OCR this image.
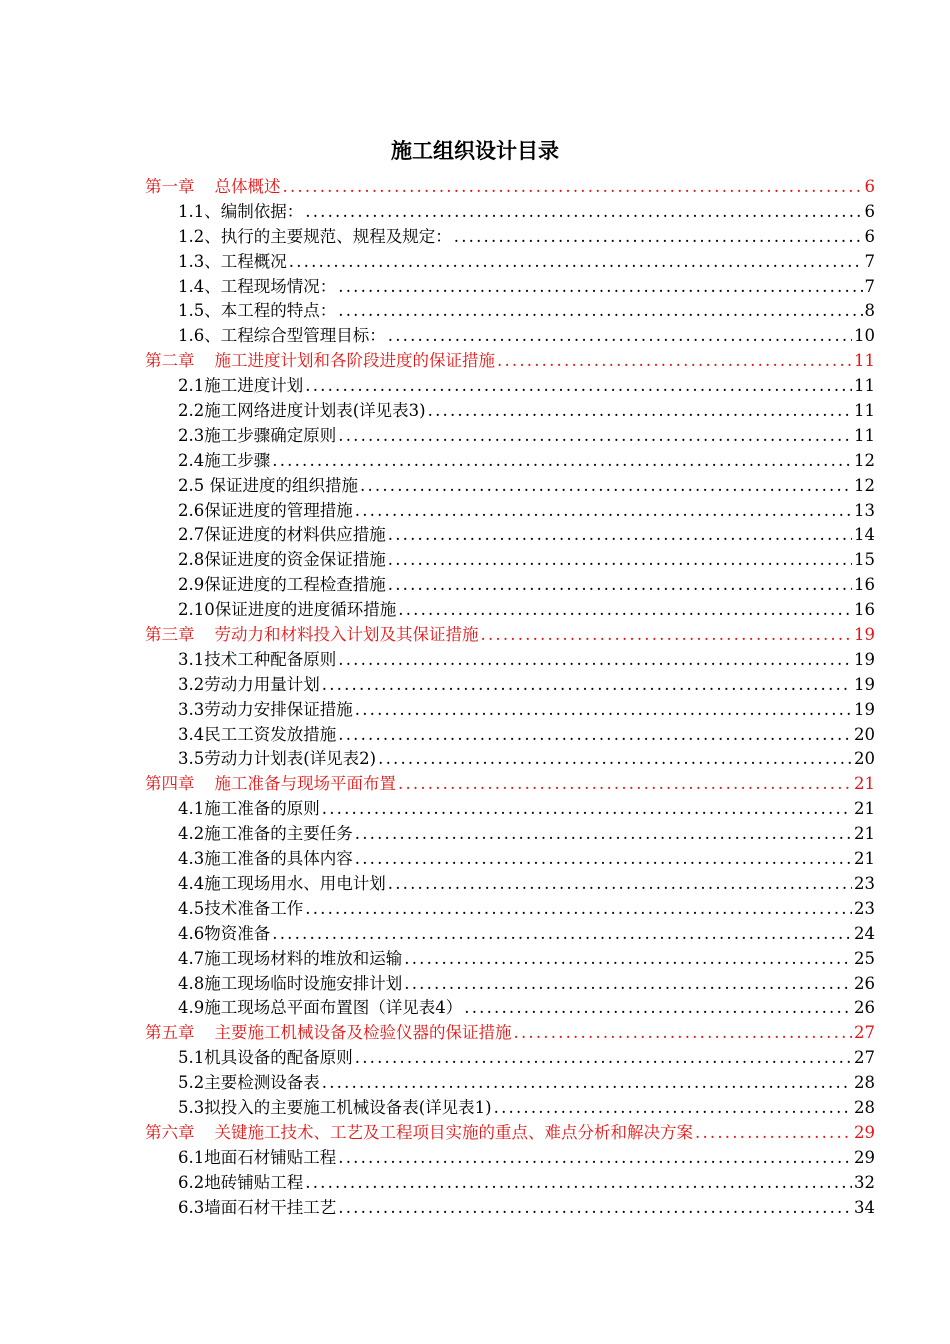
施工组织设计目录
第一章 总体概述 .....	6
1.1、编制依据： .....	6
1.2、执行的主要规范、规程及规定： .....	6
1.3、工程概况 .....	7
1.4、工程现场情况： .....	7
1.5、本工程的特点： .....	8
1.6、工程综合型管理目标： .....	10
第二章 施工进度计划和各阶段进度的保证措施 .....	11
2.1施工进度计划 .....	11
2.2施工网络进度计划表(详见表3) .....	11
2.3施工步骤确定原则 .....	11
2.4施工步骤 .....	12
2.5 保证进度的组织措施 .....	12
2.6保证进度的管理措施 .....	13
2.7保证进度的材料供应措施 .....	14
2.8保证进度的资金保证措施 .....	15
2.9保证进度的工程检查措施 .....	16
2.10保证进度的进度循环措施 .....	16
第三章 劳动力和材料投入计划及其保证措施 .....	19
3.1技术工种配备原则 .....	19
3.2劳动力用量计划 .....	19
3.3劳动力安排保证措施 .....	19
3.4民工工资发放措施 .....	20
3.5劳动力计划表(详见表2) .....	20
第四章 施工准备与现场平面布置 .....	21
4.1施工准备的原则 .....	21
4.2施工准备的主要任务 .....	21
4.3施工准备的具体内容 .....	21
4.4施工现场用水、用电计划 .....	23
4.5技术准备工作 .....	23
4.6物资准备 .....	24
4.7施工现场材料的堆放和运输 .....	25
4.8施工现场临时设施安排计划 .....	26
4.9施工现场总平面布置图（详见表4） .....	26
第五章 主要施工机械设备及检验仪器的保证措施 .....	27
5.1机具设备的配备原则 .....	27
5.2主要检测设备表 .....	28
5.3拟投入的主要施工机械设备表(详见表1) .....	28
第六章 关键施工技术、工艺及工程项目实施的重点、难点分析和解决方案 .....	29
6.1地面石材铺贴工程 .....	29
6.2地砖铺贴工程 .....	32
6.3墙面石材干挂工艺 .....	34
